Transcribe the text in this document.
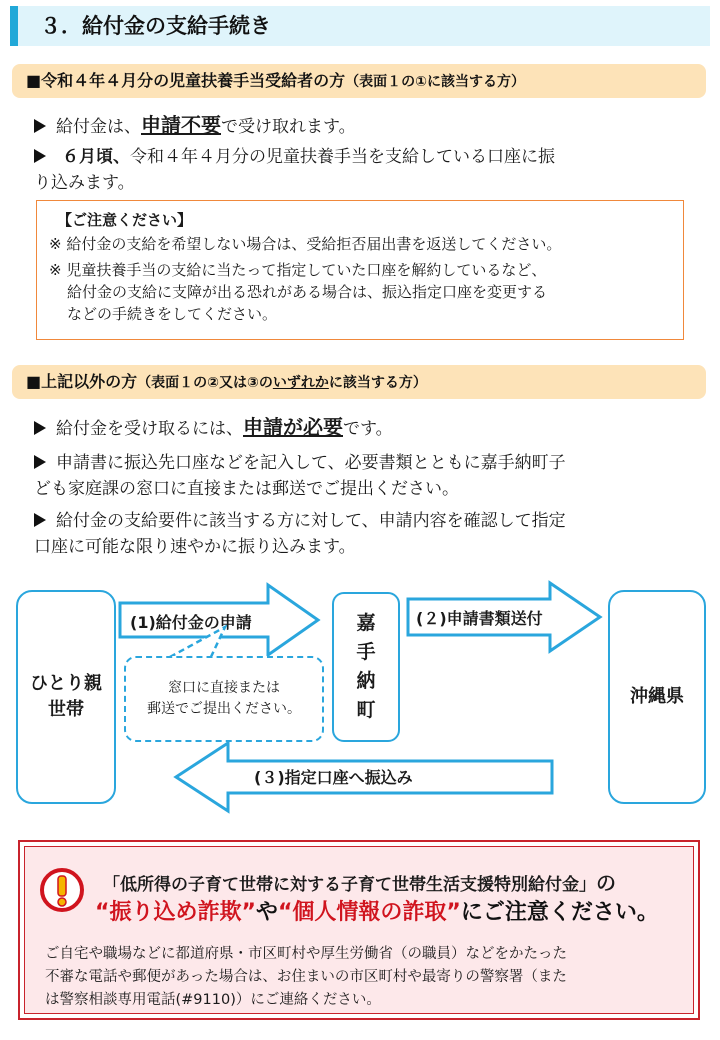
３．給付金の支給手続き
■令和４年４月分の児童扶養手当受給者の方（表面１の①に該当する方）
給付金は、申請不要で受け取れます。
６月頃、令和４年４月分の児童扶養手当を支給している口座に振
り込みます。
【ご注意ください】
※ 給付金の支給を希望しない場合は、受給拒否届出書を返送してください。
※ 児童扶養手当の支給に当たって指定していた口座を解約しているなど、
給付金の支給に支障が出る恐れがある場合は、振込指定口座を変更する
などの手続きをしてください。
■上記以外の方（表面１の②又は③のいずれかに該当する方）
給付金を受け取るには、申請が必要です。
申請書に振込先口座などを記入して、必要書類とともに嘉手納町子
ども家庭課の窓口に直接または郵送でご提出ください。
給付金の支給要件に該当する方に対して、申請内容を確認して指定
口座に可能な限り速やかに振り込みます。
ひとり親
世帯
嘉
手
納
町
沖縄県
(1)給付金の申請	(２)申請書類送付
(３)指定口座へ振込み
窓口に直接または
郵送でご提出ください。
「低所得の子育て世帯に対する子育て世帯生活支援特別給付金」の
“振り込め詐欺”や“個人情報の詐取”にご注意ください。
ご自宅や職場などに都道府県・市区町村や厚生労働省（の職員）などをかたった
不審な電話や郵便があった場合は、お住まいの市区町村や最寄りの警察署（また
は警察相談専用電話(#9110)）にご連絡ください。
